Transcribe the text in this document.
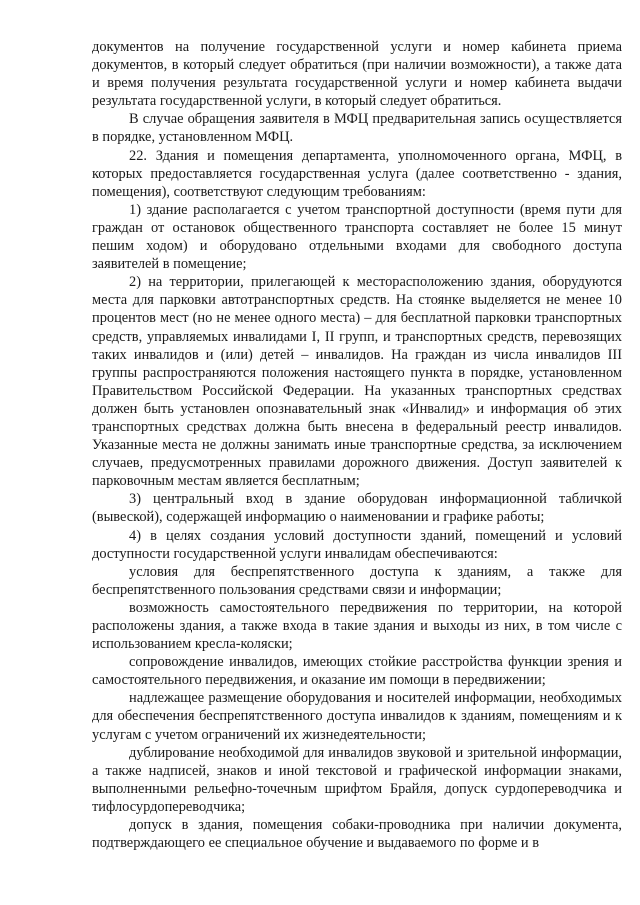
документов на получение государственной услуги и номер кабинета приема документов, в который следует обратиться (при наличии возможности), а также дата и время получения результата государственной услуги и номер кабинета выдачи результата государственной услуги, в который следует обратиться.

В случае обращения заявителя в МФЦ предварительная запись осуществляется в порядке, установленном МФЦ.

22. Здания и помещения департамента, уполномоченного органа, МФЦ, в которых предоставляется государственная услуга (далее соответственно - здания, помещения), соответствуют следующим требованиям:

1) здание располагается с учетом транспортной доступности (время пути для граждан от остановок общественного транспорта составляет не более 15 минут пешим ходом) и оборудовано отдельными входами для свободного доступа заявителей в помещение;

2) на территории, прилегающей к месторасположению здания, оборудуются места для парковки автотранспортных средств. На стоянке выделяется не менее 10 процентов мест (но не менее одного места) – для бесплатной парковки транспортных средств, управляемых инвалидами I, II групп, и транспортных средств, перевозящих таких инвалидов и (или) детей – инвалидов. На граждан из числа инвалидов III группы распространяются положения настоящего пункта в порядке, установленном Правительством Российской Федерации. На указанных транспортных средствах должен быть установлен опознавательный знак «Инвалид» и информация об этих транспортных средствах должна быть внесена в федеральный реестр инвалидов. Указанные места не должны занимать иные транспортные средства, за исключением случаев, предусмотренных правилами дорожного движения. Доступ заявителей к парковочным местам является бесплатным;

3) центральный вход в здание оборудован информационной табличкой (вывеской), содержащей информацию о наименовании и графике работы;

4) в целях создания условий доступности зданий, помещений и условий доступности государственной услуги инвалидам обеспечиваются:

условия для беспрепятственного доступа к зданиям, а также для беспрепятственного пользования средствами связи и информации;

возможность самостоятельного передвижения по территории, на которой расположены здания, а также входа в такие здания и выходы из них, в том числе с использованием кресла-коляски;

сопровождение инвалидов, имеющих стойкие расстройства функции зрения и самостоятельного передвижения, и оказание им помощи в передвижении;

надлежащее размещение оборудования и носителей информации, необходимых для обеспечения беспрепятственного доступа инвалидов к зданиям, помещениям и к услугам с учетом ограничений их жизнедеятельности;

дублирование необходимой для инвалидов звуковой и зрительной информации, а также надписей, знаков и иной текстовой и графической информации знаками, выполненными рельефно-точечным шрифтом Брайля, допуск сурдопереводчика и тифлосурдопереводчика;

допуск в здания, помещения собаки-проводника при наличии документа, подтверждающего ее специальное обучение и выдаваемого по форме и в
